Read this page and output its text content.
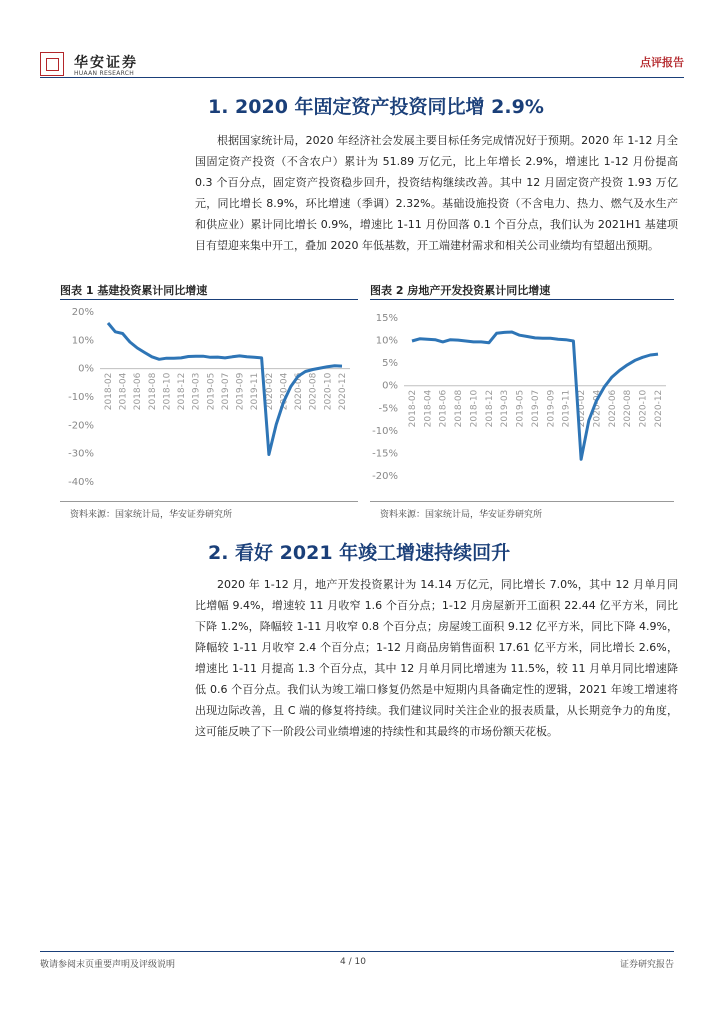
华安证券
HUAAN RESEARCH
点评报告
1. 2020 年固定资产投资同比增 2.9%

根据国家统计局，2020 年经济社会发展主要目标任务完成情况好于预期。2020 年 1-12 月全国固定资产投资（不含农户）累计为 51.89 万亿元，比上年增长 2.9%，增速比 1-12 月份提高 0.3 个百分点，固定资产投资稳步回升，投资结构继续改善。其中 12 月固定资产投资 1.93 万亿元，同比增长 8.9%，环比增速（季调）2.32%。基础设施投资（不含电力、热力、燃气及水生产和供应业）累计同比增长 0.9%，增速比 1-11 月份回落 0.1 个百分点，我们认为 2021H1 基建项目有望迎来集中开工，叠加 2020 年低基数，开工端建材需求和相关公司业绩均有望超出预期。

图表 1 基建投资累计同比增速
20%
10%
0%
-10%
-20%
-30%
-40%
2018-02 2018-04 2018-06 2018-08 2018-10 2018-12 2019-03 2019-05 2019-07 2019-09 2019-11 2020-02 2020-04 2020-06 2020-08 2020-10 2020-12
资料来源：国家统计局，华安证券研究所
图表 2 房地产开发投资累计同比增速
15%
10%
5%
0%
-5%
-10%
-15%
-20%
2018-02 2018-04 2018-06 2018-08 2018-10 2018-12 2019-03 2019-05 2019-07 2019-09 2019-11 2020-02 2020-04 2020-06 2020-08 2020-10 2020-12
资料来源：国家统计局，华安证券研究所
2. 看好 2021 年竣工增速持续回升

2020 年 1-12 月，地产开发投资累计为 14.14 万亿元，同比增长 7.0%，其中 12 月单月同比增幅 9.4%，增速较 11 月收窄 1.6 个百分点；1-12 月房屋新开工面积 22.44 亿平方米，同比下降 1.2%，降幅较 1-11 月收窄 0.8 个百分点；房屋竣工面积 9.12 亿平方米，同比下降 4.9%，降幅较 1-11 月收窄 2.4 个百分点；1-12 月商品房销售面积 17.61 亿平方米，同比增长 2.6%，增速比 1-11 月提高 1.3 个百分点，其中 12 月单月同比增速为 11.5%，较 11 月单月同比增速降低 0.6 个百分点。我们认为竣工端口修复仍然是中短期内具备确定性的逻辑，2021 年竣工增速将出现边际改善，且 C 端的修复将持续。我们建议同时关注企业的报表质量，从长期竞争力的角度，这可能反映了下一阶段公司业绩增速的持续性和其最终的市场份额天花板。

敬请参阅末页重要声明及评级说明	4 / 10	证券研究报告
